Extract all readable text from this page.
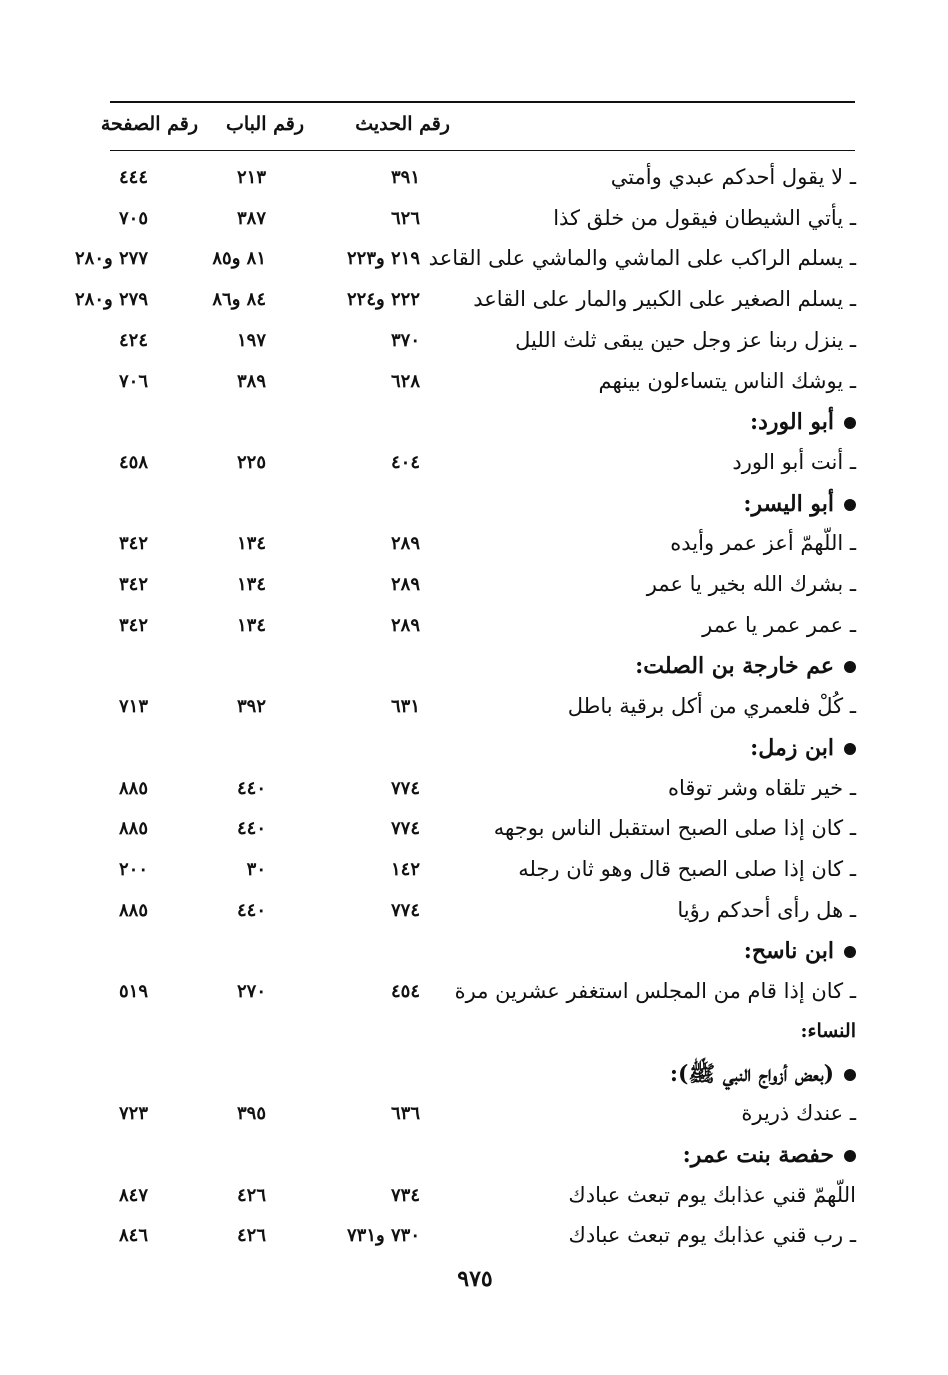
رقم الحديث
رقم الباب
رقم الصفحة
ـ لا يقول أحدكم عبدي وأمتي
٣٩١
٢١٣
٤٤٤
ـ يأتي الشيطان فيقول من خلق كذا
٦٢٦
٣٨٧
٧٠٥
ـ يسلم الراكب على الماشي والماشي على القاعد
٢١٩ و٢٢٣
٨١ و٨٥
٢٧٧ و٢٨٠
ـ يسلم الصغير على الكبير والمار على القاعد
٢٢٢ و٢٢٤
٨٤ و٨٦
٢٧٩ و٢٨٠
ـ ينزل ربنا عز وجل حين يبقى ثلث الليل
٣٧٠
١٩٧
٤٢٤
ـ يوشك الناس يتساءلون بينهم
٦٢٨
٣٨٩
٧٠٦
أبو الورد:
ـ أنت أبو الورد
٤٠٤
٢٢٥
٤٥٨
أبو اليسر:
ـ اللّهمّ أعز عمر وأيده
٢٨٩
١٣٤
٣٤٢
ـ بشرك الله بخير يا عمر
٢٨٩
١٣٤
٣٤٢
ـ عمر عمر يا عمر
٢٨٩
١٣٤
٣٤٢
عم خارجة بن الصلت:
ـ كُلْ فلعمري من أكل برقية باطل
٦٣١
٣٩٢
٧١٣
ابن زمل:
ـ خير تلقاه وشر توقاه
٧٧٤
٤٤٠
٨٨٥
ـ كان إذا صلى الصبح استقبل الناس بوجهه
٧٧٤
٤٤٠
٨٨٥
ـ كان إذا صلى الصبح قال وهو ثان رجله
١٤٢
٣٠
٢٠٠
ـ هل رأى أحدكم رؤيا
٧٧٤
٤٤٠
٨٨٥
ابن ناسح:
ـ كان إذا قام من المجلس استغفر عشرين مرة
٤٥٤
٢٧٠
٥١٩
النساء:
(بعض أزواج النبي ﷺ):
ـ عندك ذريرة
٦٣٦
٣٩٥
٧٢٣
حفصة بنت عمر:
اللّهمّ قني عذابك يوم تبعث عبادك
٧٣٤
٤٢٦
٨٤٧
ـ رب قني عذابك يوم تبعث عبادك
٧٣٠ و٧٣١
٤٢٦
٨٤٦
٩٧٥
